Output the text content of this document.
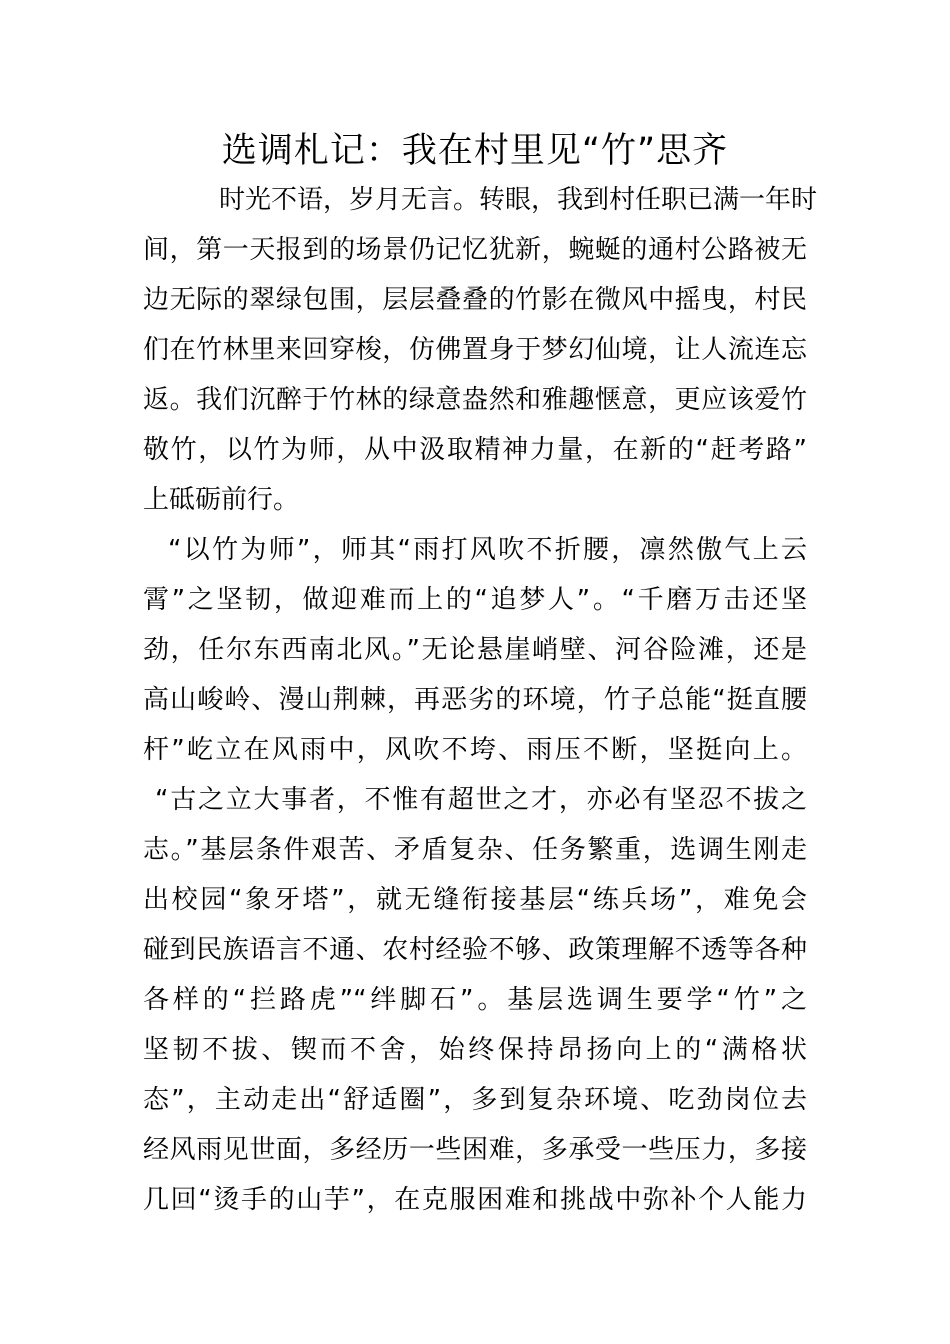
选调札记：我在村里见“竹”思齐
时光不语，岁月无言。转眼，我到村任职已满一年时
间，第一天报到的场景仍记忆犹新，蜿蜒的通村公路被无
边无际的翠绿包围，层层叠叠的竹影在微风中摇曳，村民
们在竹林里来回穿梭，仿佛置身于梦幻仙境，让人流连忘
返。我们沉醉于竹林的绿意盎然和雅趣惬意，更应该爱竹
敬竹，以竹为师，从中汲取精神力量，在新的“赶考路”
上砥砺前行。
“以竹为师”，师其“雨打风吹不折腰，凛然傲气上云
霄”之坚韧，做迎难而上的“追梦人”。“千磨万击还坚
劲，任尔东西南北风。”无论悬崖峭壁、河谷险滩，还是
高山峻岭、漫山荆棘，再恶劣的环境，竹子总能“挺直腰
杆”屹立在风雨中，风吹不垮、雨压不断，坚挺向上。
“古之立大事者，不惟有超世之才，亦必有坚忍不拔之
志。”基层条件艰苦、矛盾复杂、任务繁重，选调生刚走
出校园“象牙塔”，就无缝衔接基层“练兵场”，难免会
碰到民族语言不通、农村经验不够、政策理解不透等各种
各样的“拦路虎”“绊脚石”。基层选调生要学“竹”之
坚韧不拔、锲而不舍，始终保持昂扬向上的“满格状
态”，主动走出“舒适圈”，多到复杂环境、吃劲岗位去
经风雨见世面，多经历一些困难，多承受一些压力，多接
几回“烫手的山芋”，在克服困难和挑战中弥补个人能力
